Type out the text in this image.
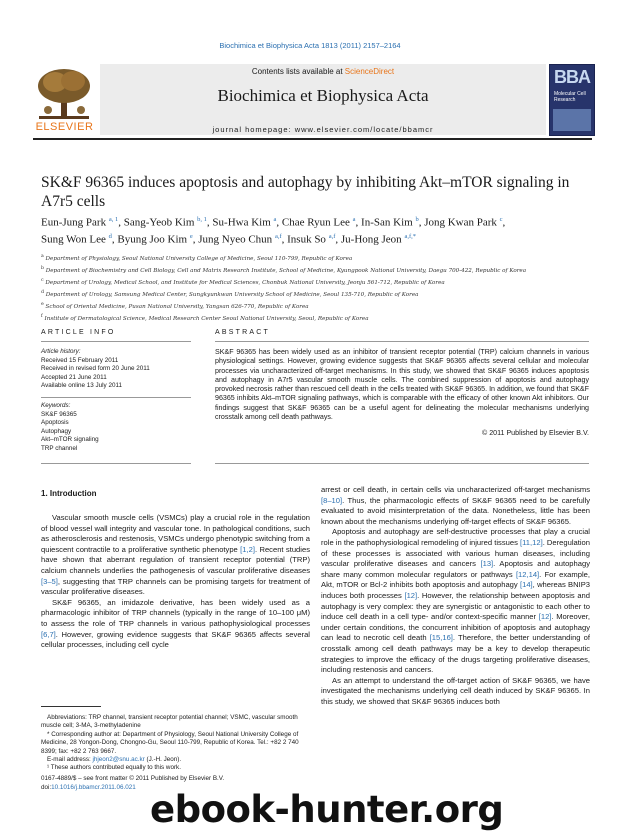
Biochimica et Biophysica Acta 1813 (2011) 2157–2164
Contents lists available at ScienceDirect
Biochimica et Biophysica Acta
journal homepage: www.elsevier.com/locate/bbamcr
ELSEVIER
BBA
Molecular Cell Research
SK&F 96365 induces apoptosis and autophagy by inhibiting Akt–mTOR signaling in A7r5 cells
Eun-Jung Park $^{a, 1}$, Sang-Yeob Kim $^{b, 1}$, Su-Hwa Kim $^a$, Chae Ryun Lee $^a$, In-San Kim $^b$, Jong Kwan Park $^c$,
Sung Won Lee $^d$, Byung Joo Kim $^e$, Jung Nyeo Chun $^{a,f}$, Insuk So $^{a,f}$, Ju-Hong Jeon $^{a,f,*}$
$^a$ Department of Physiology, Seoul National University College of Medicine, Seoul 110-799, Republic of Korea
$^b$ Department of Biochemistry and Cell Biology, Cell and Matrix Research Institute, School of Medicine, Kyungpook National University, Daegu 700-422, Republic of Korea
$^c$ Department of Urology, Medical School, and Institute for Medical Sciences, Chonbuk National University, Jeonju 561-712, Republic of Korea
$^d$ Department of Urology, Samsung Medical Center, Sungkyunkwan University School of Medicine, Seoul 135-710, Republic of Korea
$^e$ School of Oriental Medicine, Pusan National University, Yangsan 626-770, Republic of Korea
$^f$ Institute of Dermatological Science, Medical Research Center Seoul National University, Seoul, Republic of Korea
ARTICLE INFO
Article history:
Received 15 February 2011
Received in revised form 20 June 2011
Accepted 21 June 2011
Available online 13 July 2011
Keywords:
SK&F 96365
Apoptosis
Autophagy
Akt–mTOR signaling
TRP channel
ABSTRACT
SK&F 96365 has been widely used as an inhibitor of transient receptor potential (TRP) calcium channels in various physiological settings. However, growing evidence suggests that SK&F 96365 affects several cellular and molecular processes via uncharacterized off-target mechanisms. In this study, we showed that SK&F 96365 induces apoptosis and autophagy in A7r5 vascular smooth muscle cells. The combined suppression of apoptosis and autophagy provoked necrosis rather than rescued cell death in the cells treated with SK&F 96365. In addition, we found that SK&F 96365 inhibits Akt–mTOR signaling pathways, which is comparable with the efficacy of other known Akt inhibitors. Our findings suggest that SK&F 96365 can be a useful agent for delineating the molecular mechanisms underlying crosstalk among cell death pathways.
© 2011 Published by Elsevier B.V.
1. Introduction

Vascular smooth muscle cells (VSMCs) play a crucial role in the regulation of blood vessel wall integrity and vascular tone. In pathological conditions, such as atherosclerosis and restenosis, VSMCs undergo phenotypic switching from a quiescent contractile to a proliferative synthetic phenotype [1,2]. Recent studies have shown that aberrant regulation of transient receptor potential (TRP) calcium channels underlies the pathogenesis of vascular proliferative diseases [3–5], suggesting that TRP channels can be promising targets for treatment of vascular proliferative diseases.

SK&F 96365, an imidazole derivative, has been widely used as a pharmacologic inhibitor of TRP channels (typically in the range of 10–100 μM) to assess the role of TRP channels in various pathophysiological processes [6,7]. However, growing evidence suggests that SK&F 96365 affects several cellular processes, including cell cycle

arrest or cell death, in certain cells via uncharacterized off-target mechanisms [8–10]. Thus, the pharmacologic effects of SK&F 96365 need to be carefully evaluated to avoid misinterpretation of the data. Nonetheless, little has been known about the mechanisms underlying off-target effects of SK&F 96365.

Apoptosis and autophagy are self-destructive processes that play a crucial role in the pathophysiological remodeling of injured tissues [11,12]. Deregulation of these processes is associated with various human diseases, including vascular proliferative diseases and cancers [13]. Apoptosis and autophagy share many common molecular regulators or pathways [12,14]. For example, Akt, mTOR or Bcl-2 inhibits both apoptosis and autophagy [14], whereas BNIP3 induces both processes [12]. However, the relationship between apoptosis and autophagy is very complex: they are synergistic or antagonistic to each other to induce cell death in a cell type- and/or context-specific manner [12]. Moreover, under certain conditions, the concurrent inhibition of apoptosis and autophagy can lead to necrotic cell death [15,16]. Therefore, the better understanding of crosstalk among cell death pathways may be a key to develop therapeutic strategies to improve the efficacy of the drugs targeting proliferative diseases, including restenosis and cancers.

As an attempt to understand the off-target action of SK&F 96365, we have investigated the mechanisms underlying cell death induced by SK&F 96365. In this study, we showed that SK&F 96365 induces both

Abbreviations: TRP channel, transient receptor potential channel; VSMC, vascular smooth muscle cell; 3-MA, 3-methyladenine

* Corresponding author at: Department of Physiology, Seoul National University College of Medicine, 28 Yongon-Dong, Chongno-Gu, Seoul 110-799, Republic of Korea. Tel.: +82 2 740 8399; fax: +82 2 763 9667.

E-mail address: jhjeon2@snu.ac.kr (J.-H. Jeon).

¹ These authors contributed equally to this work.

0167-4889/$ – see front matter © 2011 Published by Elsevier B.V.
doi:10.1016/j.bbamcr.2011.06.021
ebook-hunter.org
